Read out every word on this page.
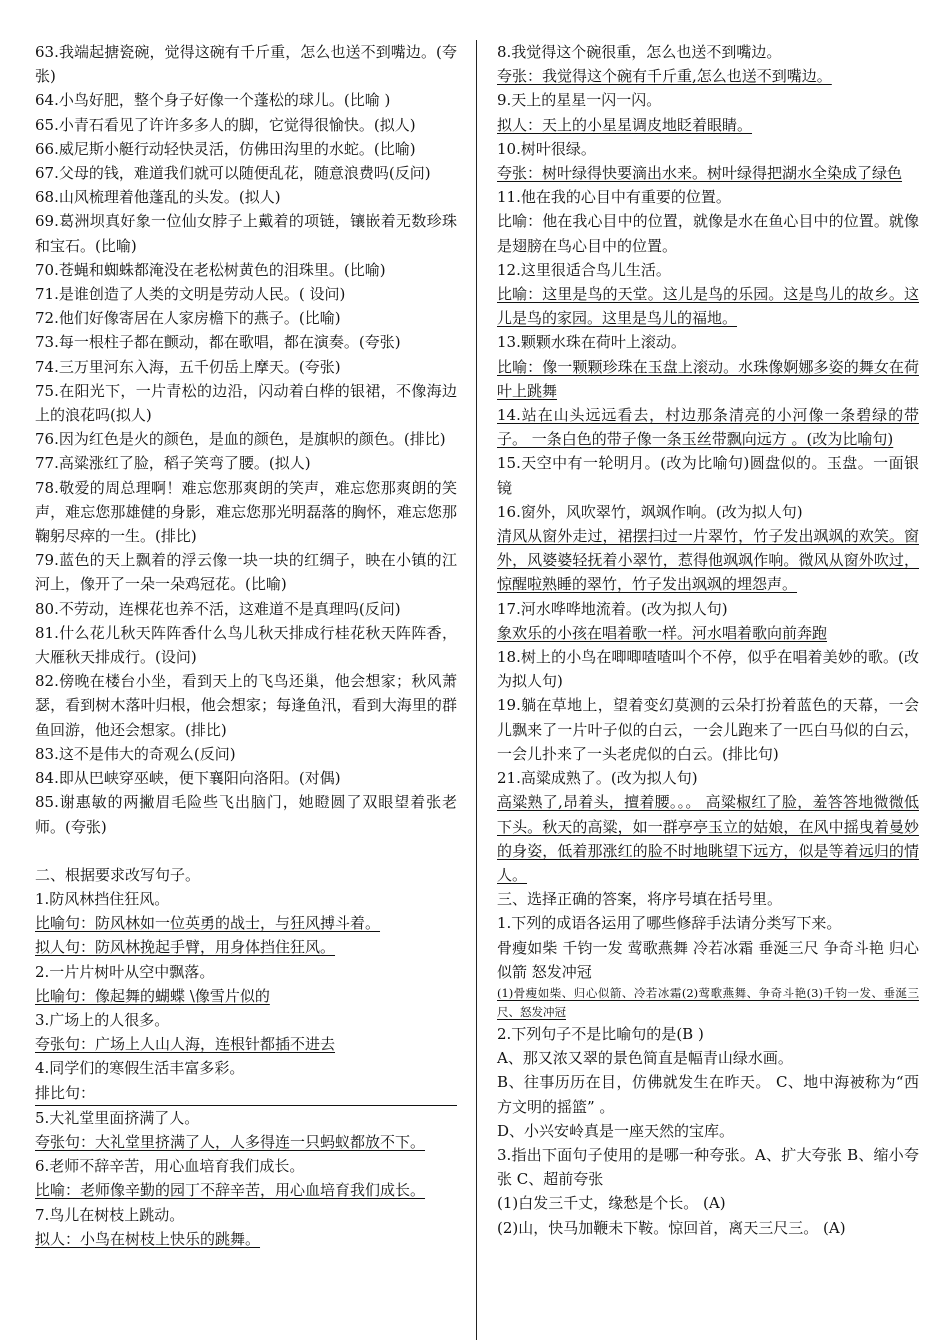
63.我端起搪瓷碗，觉得这碗有千斤重，怎么也送不到嘴边。(夸张)

64.小鸟好肥，整个身子好像一个蓬松的球儿。(比喻 )

65.小青石看见了许许多多人的脚，它觉得很愉快。(拟人)

66.威尼斯小艇行动轻快灵活，仿佛田沟里的水蛇。(比喻)

67.父母的钱，难道我们就可以随便乱花，随意浪费吗(反问)

68.山风梳理着他蓬乱的头发。(拟人)

69.葛洲坝真好象一位仙女脖子上戴着的项链，镶嵌着无数珍珠和宝石。(比喻)

70.苍蝇和蜘蛛都淹没在老松树黄色的泪珠里。(比喻)

71.是谁创造了人类的文明是劳动人民。( 设问)

72.他们好像寄居在人家房檐下的燕子。(比喻)

73.每一根柱子都在颤动，都在歌唱，都在演奏。(夸张)

74.三万里河东入海，五千仞岳上摩天。(夸张)

75.在阳光下，一片青松的边沿，闪动着白桦的银裙，不像海边上的浪花吗(拟人)

76.因为红色是火的颜色，是血的颜色，是旗帜的颜色。(排比)

77.高粱涨红了脸，稻子笑弯了腰。(拟人)

78.敬爱的周总理啊！难忘您那爽朗的笑声，难忘您那爽朗的笑声，难忘您那雄健的身影，难忘您那光明磊落的胸怀，难忘您那鞠躬尽瘁的一生。(排比)

79.蓝色的天上飘着的浮云像一块一块的红绸子，映在小镇的江河上，像开了一朵一朵鸡冠花。(比喻)

80.不劳动，连棵花也养不活，这难道不是真理吗(反问)

81.什么花儿秋天阵阵香什么鸟儿秋天排成行桂花秋天阵阵香，大雁秋天排成行。(设问)

82.傍晚在楼台小坐，看到天上的飞鸟还巢，他会想家；秋风萧瑟，看到树木落叶归根，他会想家；每逢鱼汛，看到大海里的群鱼回游，他还会想家。(排比)

83.这不是伟大的奇观么(反问)

84.即从巴峡穿巫峡，便下襄阳向洛阳。(对偶)

85.谢惠敏的两撇眉毛险些飞出脑门，她瞪圆了双眼望着张老师。(夸张)

二、根据要求改写句子。

1.防风林挡住狂风。

比喻句：防风林如一位英勇的战士，与狂风搏斗着。

拟人句：防风林挽起手臂，用身体挡住狂风。

2.一片片树叶从空中飘落。

比喻句：像起舞的蝴蝶 \像雪片似的

3.广场上的人很多。

夸张句：广场上人山人海，连根针都插不进去

4.同学们的寒假生活丰富多彩。

排比句：

5.大礼堂里面挤满了人。

夸张句：大礼堂里挤满了人，人多得连一只蚂蚁都放不下。

6.老师不辞辛苦，用心血培育我们成长。

比喻：老师像辛勤的园丁不辞辛苦，用心血培育我们成长。

7.鸟儿在树枝上跳动。

拟人：小鸟在树枝上快乐的跳舞。

8.我觉得这个碗很重，怎么也送不到嘴边。

夸张：我觉得这个碗有千斤重,怎么也送不到嘴边。

9.天上的星星一闪一闪。

拟人：天上的小星星调皮地眨着眼睛。

10.树叶很绿。

夸张：树叶绿得快要滴出水来。树叶绿得把湖水全染成了绿色

11.他在我的心目中有重要的位置。

比喻：他在我心目中的位置，就像是水在鱼心目中的位置。就像是翅膀在鸟心目中的位置。

12.这里很适合鸟儿生活。

比喻：这里是鸟的天堂。这儿是鸟的乐园。这是鸟儿的故乡。这儿是鸟的家园。这里是鸟儿的福地。

13.颗颗水珠在荷叶上滚动。

比喻：像一颗颗珍珠在玉盘上滚动。水珠像婀娜多姿的舞女在荷叶上跳舞

14.站在山头远远看去，村边那条清亮的小河像一条碧绿的带子。 一条白色的带子像一条玉丝带飘向远方 。(改为比喻句)

15.天空中有一轮明月。(改为比喻句)圆盘似的。玉盘。一面银镜

16.窗外，风吹翠竹，飒飒作响。(改为拟人句)

清风从窗外走过，裙摆扫过一片翠竹，竹子发出飒飒的欢笑。窗外，风婆婆轻抚着小翠竹，惹得他飒飒作响。微风从窗外吹过，惊醒啦熟睡的翠竹，竹子发出飒飒的埋怨声。

17.河水哗哗地流着。(改为拟人句)

象欢乐的小孩在唱着歌一样。河水唱着歌向前奔跑

18.树上的小鸟在唧唧喳喳叫个不停，似乎在唱着美妙的歌。(改为拟人句)

19.躺在草地上，望着变幻莫测的云朵打扮着蓝色的天幕，一会儿飘来了一片叶子似的白云，一会儿跑来了一匹白马似的白云，一会儿扑来了一头老虎似的白云。(排比句)

21.高粱成熟了。(改为拟人句)

高粱熟了,昂着头，擅着腰。。。 高粱椒红了脸，羞答答地微微低下头。秋天的高粱，如一群亭亭玉立的姑娘，在风中摇曳着曼妙的身姿，低着那涨红的脸不时地眺望下远方，似是等着远归的情人。

三、选择正确的答案，将序号填在括号里。

1.下列的成语各运用了哪些修辞手法请分类写下来。

骨瘦如柴 千钧一发 莺歌燕舞 冷若冰霜 垂涎三尺 争奇斗艳 归心似箭 怒发冲冠

(1)骨瘦如柴、归心似箭、冷若冰霜(2)莺歌燕舞、争奇斗艳(3)千钧一发、垂涎三尺、怒发冲冠

2.下列句子不是比喻句的是(B )

A、那又浓又翠的景色简直是幅青山绿水画。

B、往事历历在目，仿佛就发生在昨天。 C、地中海被称为“西方文明的摇篮” 。

D、小兴安岭真是一座天然的宝库。

3.指出下面句子使用的是哪一种夸张。A、扩大夸张 B、缩小夸张 C、超前夸张

(1)白发三千丈，缘愁是个长。 (A)

(2)山，快马加鞭未下鞍。惊回首，离天三尺三。 (A)
